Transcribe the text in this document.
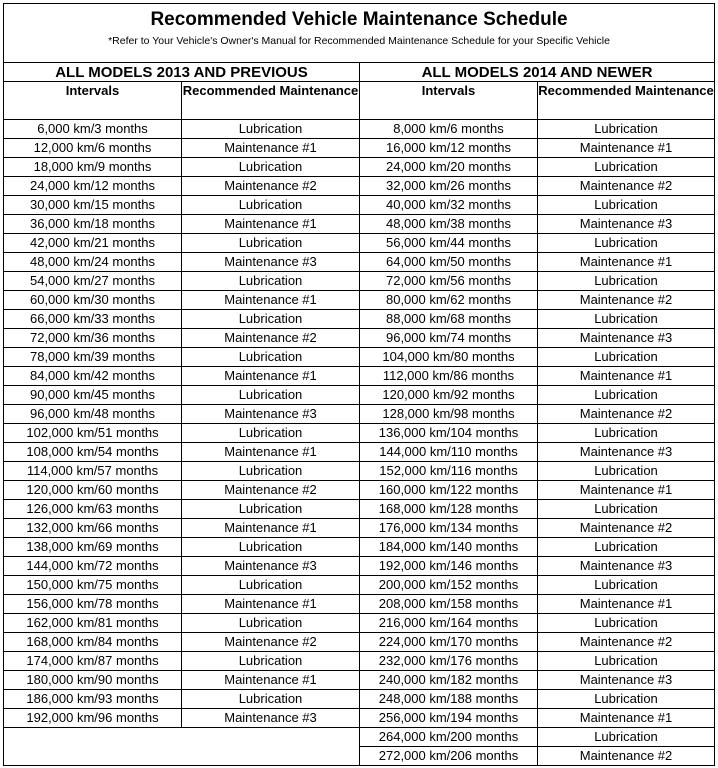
Recommended Vehicle Maintenance Schedule
*Refer to Your Vehicle's Owner's Manual for Recommended Maintenance Schedule for your Specific Vehicle			

ALL MODELS 2013 AND PREVIOUS		ALL MODELS 2014 AND NEWER	
Intervals	Recommended Maintenance	Intervals	Recommended Maintenance
6,000 km/3 months	Lubrication	8,000 km/6 months	Lubrication
12,000 km/6 months	Maintenance #1	16,000 km/12 months	Maintenance #1
18,000 km/9 months	Lubrication	24,000 km/20 months	Lubrication
24,000 km/12 months	Maintenance #2	32,000 km/26 months	Maintenance #2
30,000 km/15 months	Lubrication	40,000 km/32 months	Lubrication
36,000 km/18 months	Maintenance #1	48,000 km/38 months	Maintenance #3
42,000 km/21 months	Lubrication	56,000 km/44 months	Lubrication
48,000 km/24 months	Maintenance #3	64,000 km/50 months	Maintenance #1
54,000 km/27 months	Lubrication	72,000 km/56 months	Lubrication
60,000 km/30 months	Maintenance #1	80,000 km/62 months	Maintenance #2
66,000 km/33 months	Lubrication	88,000 km/68 months	Lubrication
72,000 km/36 months	Maintenance #2	96,000 km/74 months	Maintenance #3
78,000 km/39 months	Lubrication	104,000 km/80 months	Lubrication
84,000 km/42 months	Maintenance #1	112,000 km/86 months	Maintenance #1
90,000 km/45 months	Lubrication	120,000 km/92 months	Lubrication
96,000 km/48 months	Maintenance #3	128,000 km/98 months	Maintenance #2
102,000 km/51 months	Lubrication	136,000 km/104 months	Lubrication
108,000 km/54 months	Maintenance #1	144,000 km/110 months	Maintenance #3
114,000 km/57 months	Lubrication	152,000 km/116 months	Lubrication
120,000 km/60 months	Maintenance #2	160,000 km/122 months	Maintenance #1
126,000 km/63 months	Lubrication	168,000 km/128 months	Lubrication
132,000 km/66 months	Maintenance #1	176,000 km/134 months	Maintenance #2
138,000 km/69 months	Lubrication	184,000 km/140 months	Lubrication
144,000 km/72 months	Maintenance #3	192,000 km/146 months	Maintenance #3
150,000 km/75 months	Lubrication	200,000 km/152 months	Lubrication
156,000 km/78 months	Maintenance #1	208,000 km/158 months	Maintenance #1
162,000 km/81 months	Lubrication	216,000 km/164 months	Lubrication
168,000 km/84 months	Maintenance #2	224,000 km/170 months	Maintenance #2
174,000 km/87 months	Lubrication	232,000 km/176 months	Lubrication
180,000 km/90 months	Maintenance #1	240,000 km/182 months	Maintenance #3
186,000 km/93 months	Lubrication	248,000 km/188 months	Lubrication
192,000 km/96 months	Maintenance #3	256,000 km/194 months	Maintenance #1
		264,000 km/200 months	Lubrication
		272,000 km/206 months	Maintenance #2
